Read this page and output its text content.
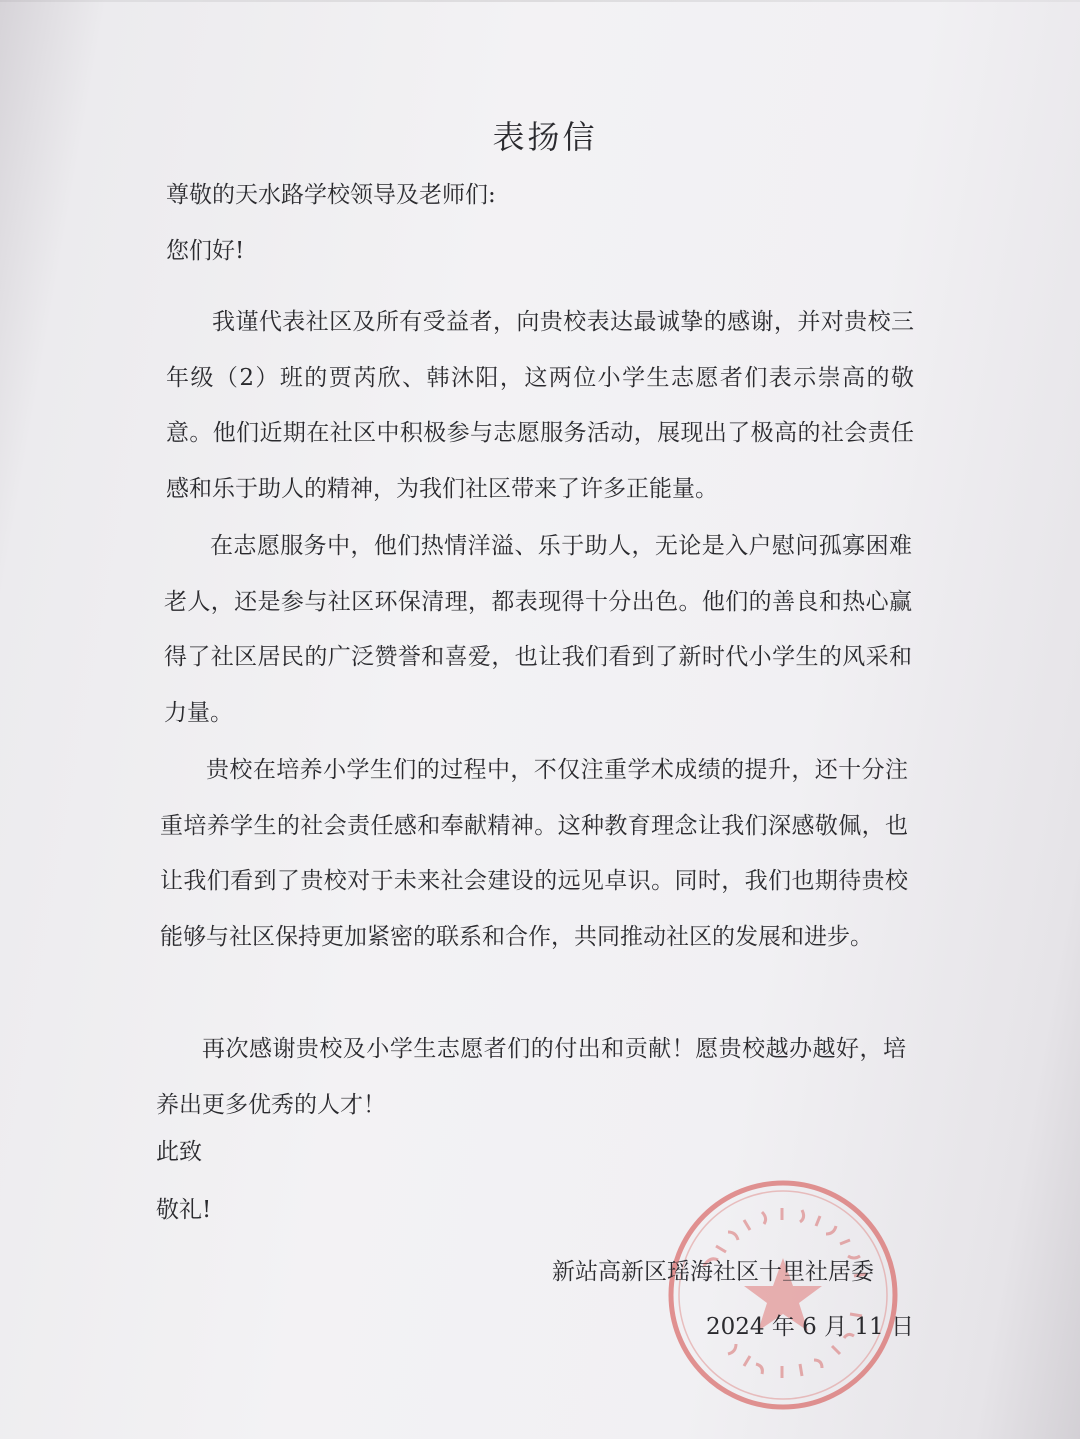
表扬信
尊敬的天水路学校领导及老师们:
您们好!
我谨代表社区及所有受益者，向贵校表达最诚挚的感谢，并对贵校三年级（2）班的贾芮欣、韩沐阳，这两位小学生志愿者们表示崇高的敬意。他们近期在社区中积极参与志愿服务活动，展现出了极高的社会责任感和乐于助人的精神，为我们社区带来了许多正能量。
在志愿服务中，他们热情洋溢、乐于助人，无论是入户慰问孤寡困难老人，还是参与社区环保清理，都表现得十分出色。他们的善良和热心赢得了社区居民的广泛赞誉和喜爱，也让我们看到了新时代小学生的风采和力量。
贵校在培养小学生们的过程中，不仅注重学术成绩的提升，还十分注重培养学生的社会责任感和奉献精神。这种教育理念让我们深感敬佩，也让我们看到了贵校对于未来社会建设的远见卓识。同时，我们也期待贵校能够与社区保持更加紧密的联系和合作，共同推动社区的发展和进步。
再次感谢贵校及小学生志愿者们的付出和贡献！愿贵校越办越好，培养出更多优秀的人才！
此致
敬礼!
新站高新区瑶海社区十里社居委
2024 年 6 月 11 日
